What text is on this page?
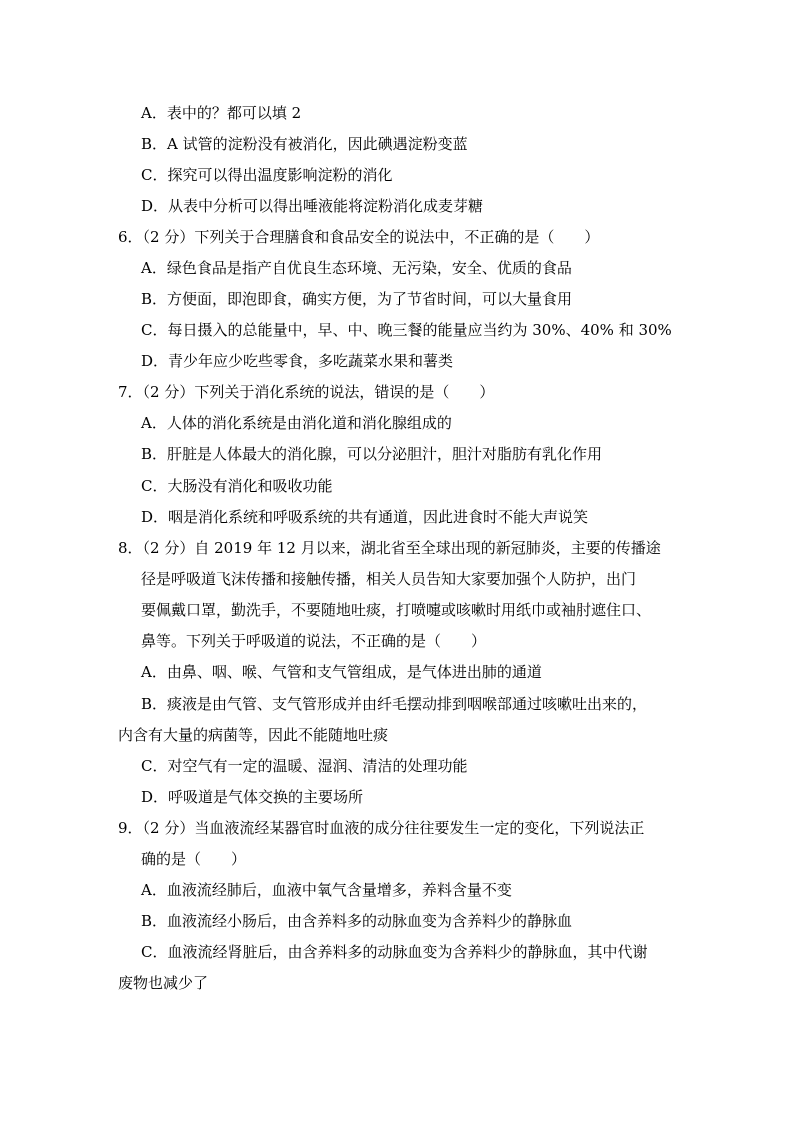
A．表中的？都可以填 2
B．A 试管的淀粉没有被消化，因此碘遇淀粉变蓝
C．探究可以得出温度影响淀粉的消化
D．从表中分析可以得出唾液能将淀粉消化成麦芽糖
6．（2 分）下列关于合理膳食和食品安全的说法中，不正确的是（　　）
A．绿色食品是指产自优良生态环境、无污染，安全、优质的食品
B．方便面，即泡即食，确实方便，为了节省时间，可以大量食用
C．每日摄入的总能量中，早、中、晚三餐的能量应当约为 30%、40% 和 30%
D．青少年应少吃些零食，多吃蔬菜水果和薯类
7．（2 分）下列关于消化系统的说法，错误的是（　　）
A．人体的消化系统是由消化道和消化腺组成的
B．肝脏是人体最大的消化腺，可以分泌胆汁，胆汁对脂肪有乳化作用
C．大肠没有消化和吸收功能
D．咽是消化系统和呼吸系统的共有通道，因此进食时不能大声说笑
8．（2 分）自 2019 年 12 月以来，湖北省至全球出现的新冠肺炎，主要的传播途
径是呼吸道飞沫传播和接触传播，相关人员告知大家要加强个人防护，出门
要佩戴口罩，勤洗手，不要随地吐痰，打喷嚏或咳嗽时用纸巾或袖肘遮住口、
鼻等。下列关于呼吸道的说法，不正确的是（　　）
A．由鼻、咽、喉、气管和支气管组成，是气体进出肺的通道
B．痰液是由气管、支气管形成并由纤毛摆动排到咽喉部通过咳嗽吐出来的，
内含有大量的病菌等，因此不能随地吐痰
C．对空气有一定的温暖、湿润、清洁的处理功能
D．呼吸道是气体交换的主要场所
9．（2 分）当血液流经某器官时血液的成分往往要发生一定的变化，下列说法正
确的是（　　）
A．血液流经肺后，血液中氧气含量增多，养料含量不变
B．血液流经小肠后，由含养料多的动脉血变为含养料少的静脉血
C．血液流经肾脏后，由含养料多的动脉血变为含养料少的静脉血，其中代谢
废物也减少了
